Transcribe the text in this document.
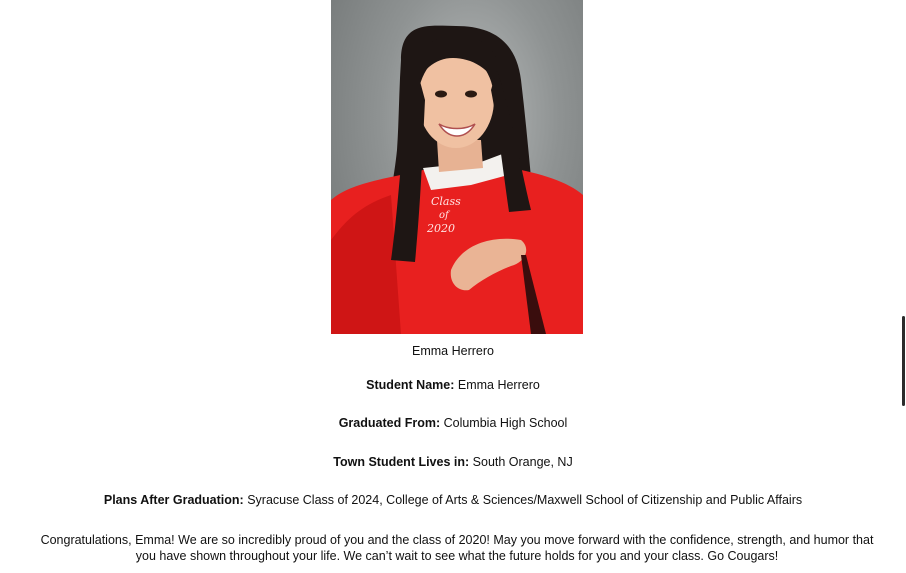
Class
of
2020
Emma Herrero
Student Name: Emma Herrero
Graduated From: Columbia High School
Town Student Lives in: South Orange, NJ
Plans After Graduation: Syracuse Class of 2024, College of Arts & Sciences/Maxwell School of Citizenship and Public Affairs
Congratulations, Emma! We are so incredibly proud of you and the class of 2020! May you move forward with the confidence, strength, and humor that you have shown throughout your life. We can’t wait to see what the future holds for you and your class. Go Cougars!
